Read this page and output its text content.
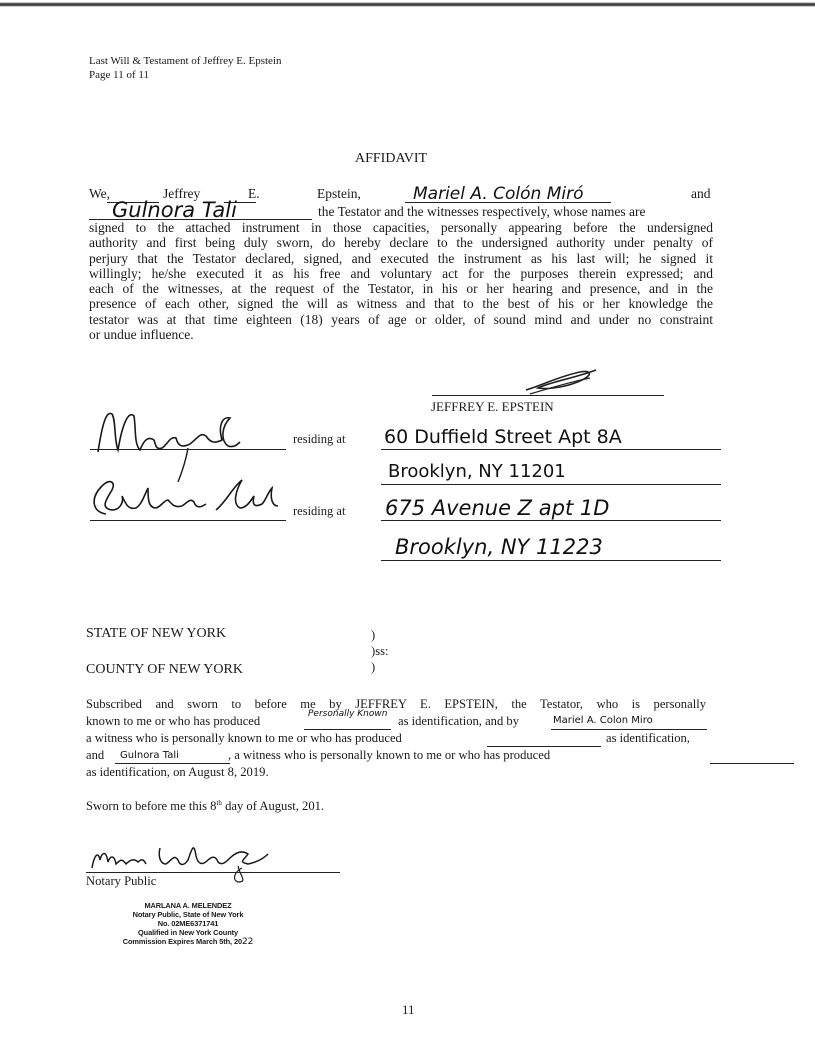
Last Will & Testament of Jeffrey E. Epstein
Page 11 of 11
AFFIDAVIT
We,	Jeffrey	E.	Epstein,	Mariel A. Colón Miró	and
Gulnora Tali	the Testator and the witnesses respectively, whose names are
signed to the attached instrument in those capacities, personally appearing before the undersigned
authority and first being duly sworn, do hereby declare to the undersigned authority under penalty of
perjury that the Testator declared, signed, and executed the instrument as his last will; he signed it
willingly; he/she executed it as his free and voluntary act for the purposes therein expressed; and
each of the witnesses, at the request of the Testator, in his or her hearing and presence, and in the
presence of each other, signed the will as witness and that to the best of his or her knowledge the
testator was at that time eighteen (18) years of age or older, of sound mind and under no constraint
or undue influence.
JEFFREY E. EPSTEIN
residing at 60 Duffield Street Apt 8A
Brooklyn, NY 11201
residing at 675 Avenue Z apt 1D
Brooklyn, NY 11223
STATE OF NEW YORK
COUNTY OF NEW YORK
)
)ss:
)
Subscribed and sworn to before me by JEFFREY E. EPSTEIN, the Testator, who is personally
known to me or who has produced	Personally Known as identification, and by	Mariel A. Colon Miro
a witness who is personally known to me or who has produced	as identification,
and Gulnora Tali	, a witness who is personally known to me or who has produced
as identification, on August 8, 2019.
Sworn to before me this 8th day of August, 201.
Notary Public
MARLANA A. MELENDEZ
Notary Public, State of New York
No. 02ME6371741
Qualified in New York County
Commission Expires March 5th, 2022
11
